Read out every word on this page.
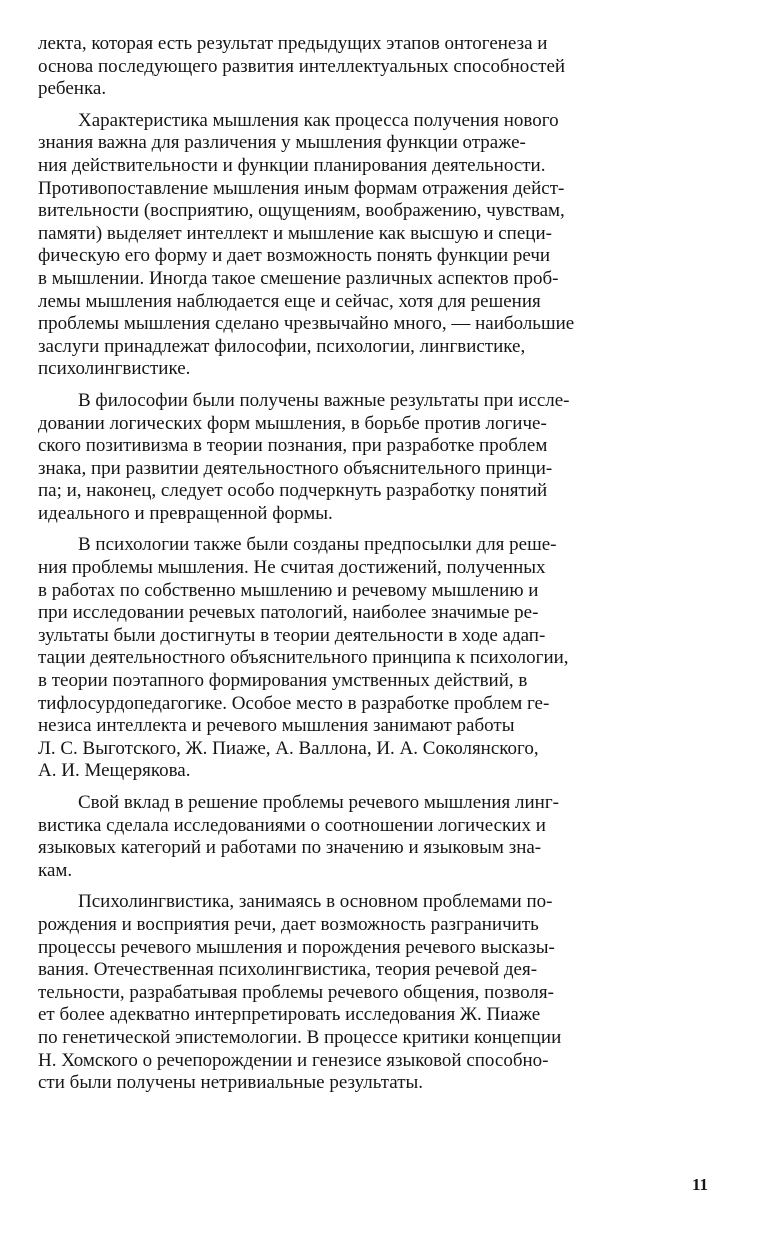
лекта, которая есть результат предыдущих этапов онтогенеза и
основа последующего развития интеллектуальных способностей
ребенка.

Характеристика мышления как процесса получения нового
знания важна для различения у мышления функции отраже-
ния действительности и функции планирования деятельности.
Противопоставление мышления иным формам отражения дейст-
вительности (восприятию, ощущениям, воображению, чувствам,
памяти) выделяет интеллект и мышление как высшую и специ-
фическую его форму и дает возможность понять функции речи
в мышлении. Иногда такое смешение различных аспектов проб-
лемы мышления наблюдается еще и сейчас, хотя для решения
проблемы мышления сделано чрезвычайно много, — наибольшие
заслуги принадлежат философии, психологии, лингвистике,
психолингвистике.

В философии были получены важные результаты при иссле-
довании логических форм мышления, в борьбе против логиче-
ского позитивизма в теории познания, при разработке проблем
знака, при развитии деятельностного объяснительного принци-
па; и, наконец, следует особо подчеркнуть разработку понятий
идеального и превращенной формы.

В психологии также были созданы предпосылки для реше-
ния проблемы мышления. Не считая достижений, полученных
в работах по собственно мышлению и речевому мышлению и
при исследовании речевых патологий, наиболее значимые ре-
зультаты были достигнуты в теории деятельности в ходе адап-
тации деятельностного объяснительного принципа к психологии,
в теории поэтапного формирования умственных действий, в
тифлосурдопедагогике. Особое место в разработке проблем ге-
незиса интеллекта и речевого мышления занимают работы
Л. С. Выготского, Ж. Пиаже, А. Валлона, И. А. Соколянского,
А. И. Мещерякова.

Свой вклад в решение проблемы речевого мышления линг-
вистика сделала исследованиями о соотношении логических и
языковых категорий и работами по значению и языковым зна-
кам.

Психолингвистика, занимаясь в основном проблемами по-
рождения и восприятия речи, дает возможность разграничить
процессы речевого мышления и порождения речевого высказы-
вания. Отечественная психолингвистика, теория речевой дея-
тельности, разрабатывая проблемы речевого общения, позволя-
ет более адекватно интерпретировать исследования Ж. Пиаже
по генетической эпистемологии. В процессе критики концепции
Н. Хомского о речепорождении и генезисе языковой способно-
сти были получены нетривиальные результаты.

11
